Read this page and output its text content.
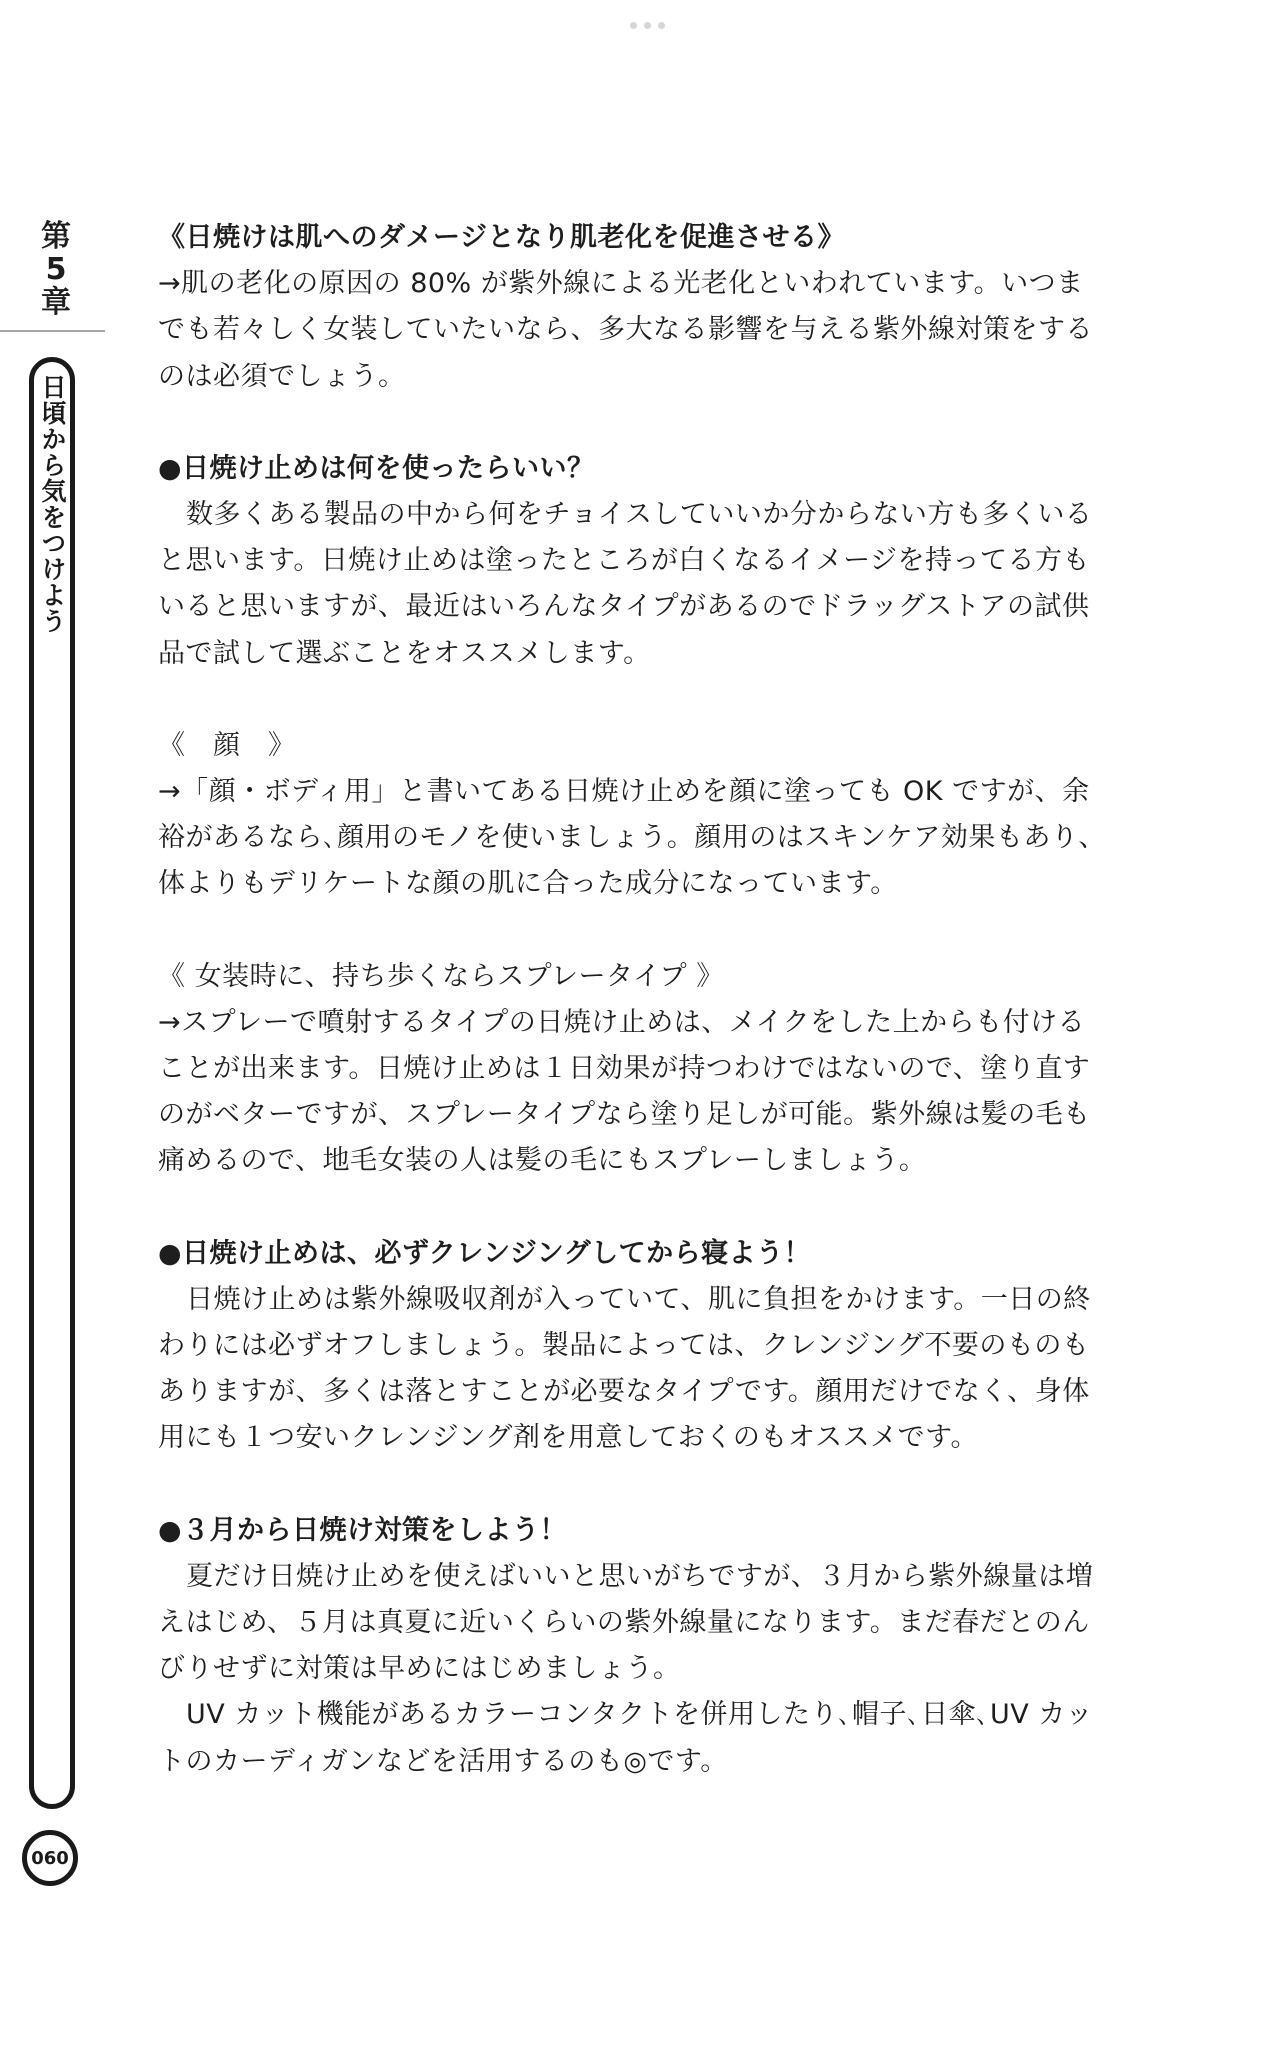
第
5
章
日頃から気をつけよう
060

《日焼けは肌へのダメージとなり肌老化を促進させる》

→肌の老化の原因の 80% が紫外線による光老化といわれています。いつま

でも若々しく女装していたいなら、多大なる影響を与える紫外線対策をする

のは必須でしょう。

●日焼け止めは何を使ったらいい？

数多くある製品の中から何をチョイスしていいか分からない方も多くいる

と思います。日焼け止めは塗ったところが白くなるイメージを持ってる方も

いると思いますが、最近はいろんなタイプがあるのでドラッグストアの試供

品で試して選ぶことをオススメします。

《　顔　》

→「顔・ボディ用」と書いてある日焼け止めを顔に塗っても OK ですが、余

裕があるなら､顔用のモノを使いましょう。顔用のはスキンケア効果もあり、

体よりもデリケートな顔の肌に合った成分になっています。

《 女装時に、持ち歩くならスプレータイプ 》

→スプレーで噴射するタイプの日焼け止めは、メイクをした上からも付ける

ことが出来ます。日焼け止めは１日効果が持つわけではないので、塗り直す

のがベターですが、スプレータイプなら塗り足しが可能。紫外線は髪の毛も

痛めるので、地毛女装の人は髪の毛にもスプレーしましょう。

●日焼け止めは、必ずクレンジングしてから寝よう！

日焼け止めは紫外線吸収剤が入っていて、肌に負担をかけます。一日の終

わりには必ずオフしましょう。製品によっては、クレンジング不要のものも

ありますが、多くは落とすことが必要なタイプです。顔用だけでなく、身体

用にも１つ安いクレンジング剤を用意しておくのもオススメです。

●３月から日焼け対策をしよう！

夏だけ日焼け止めを使えばいいと思いがちですが、３月から紫外線量は増

えはじめ、５月は真夏に近いくらいの紫外線量になります。まだ春だとのん

びりせずに対策は早めにはじめましょう。

UV カット機能があるカラーコンタクトを併用したり､帽子､日傘､UV カッ

トのカーディガンなどを活用するのも◎です。
